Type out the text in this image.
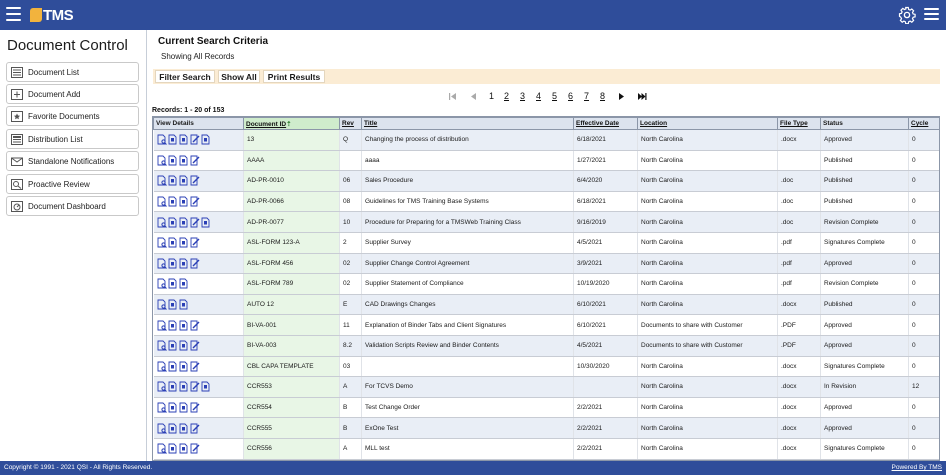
TMS
Document Control
Document List
Document Add
Favorite Documents
Distribution List
Standalone Notifications
Proactive Review
Document Dashboard
Current Search Criteria
Showing All Records
Filter Search	Show All	Print Results
1 2 3 4 5 6 7 8
Records: 1 - 20 of 153
View Details	Document ID⇡	Rev	Title	Effective Date	Location	File Type	Status	Cycle

	13	Q	Changing the process of distribution	6/18/2021	North Carolina	.docx	Approved	0

	AAAA		aaaa	1/27/2021	North Carolina		Published	0

	AD-PR-0010	06	Sales Procedure	6/4/2020	North Carolina	.doc	Published	0

	AD-PR-0066	08	Guidelines for TMS Training Base Systems	6/18/2021	North Carolina	.doc	Published	0

	AD-PR-0077	10	Procedure for Preparing for a TMSWeb Training Class	9/16/2019	North Carolina	.doc	Revision Complete	0

	ASL-FORM 123-A	2	Supplier Survey	4/5/2021	North Carolina	.pdf	Signatures Complete	0

	ASL-FORM 456	02	Supplier Change Control Agreement	3/9/2021	North Carolina	.pdf	Approved	0

	ASL-FORM 789	02	Supplier Statement of Compliance	10/19/2020	North Carolina	.pdf	Revision Complete	0

	AUTO 12	E	CAD Drawings Changes	6/10/2021	North Carolina	.docx	Published	0

	BI-VA-001	11	Explanation of Binder Tabs and Client Signatures	6/10/2021	Documents to share with Customer	.PDF	Approved	0

	BI-VA-003	8.2	Validation Scripts Review and Binder Contents	4/5/2021	Documents to share with Customer	.PDF	Approved	0

	CBL CAPA TEMPLATE	03		10/30/2020	North Carolina	.docx	Signatures Complete	0

	CCR553	A	For TCVS Demo		North Carolina	.docx	In Revision	12

	CCR554	B	Test Change Order	2/2/2021	North Carolina	.docx	Approved	0

	CCR555	B	ExOne Test	2/2/2021	North Carolina	.docx	Approved	0

	CCR556	A	MLL test	2/2/2021	North Carolina	.docx	Signatures Complete	0

Copyright © 1991 - 2021 QSI - All Rights Reserved.	Powered By TMS
